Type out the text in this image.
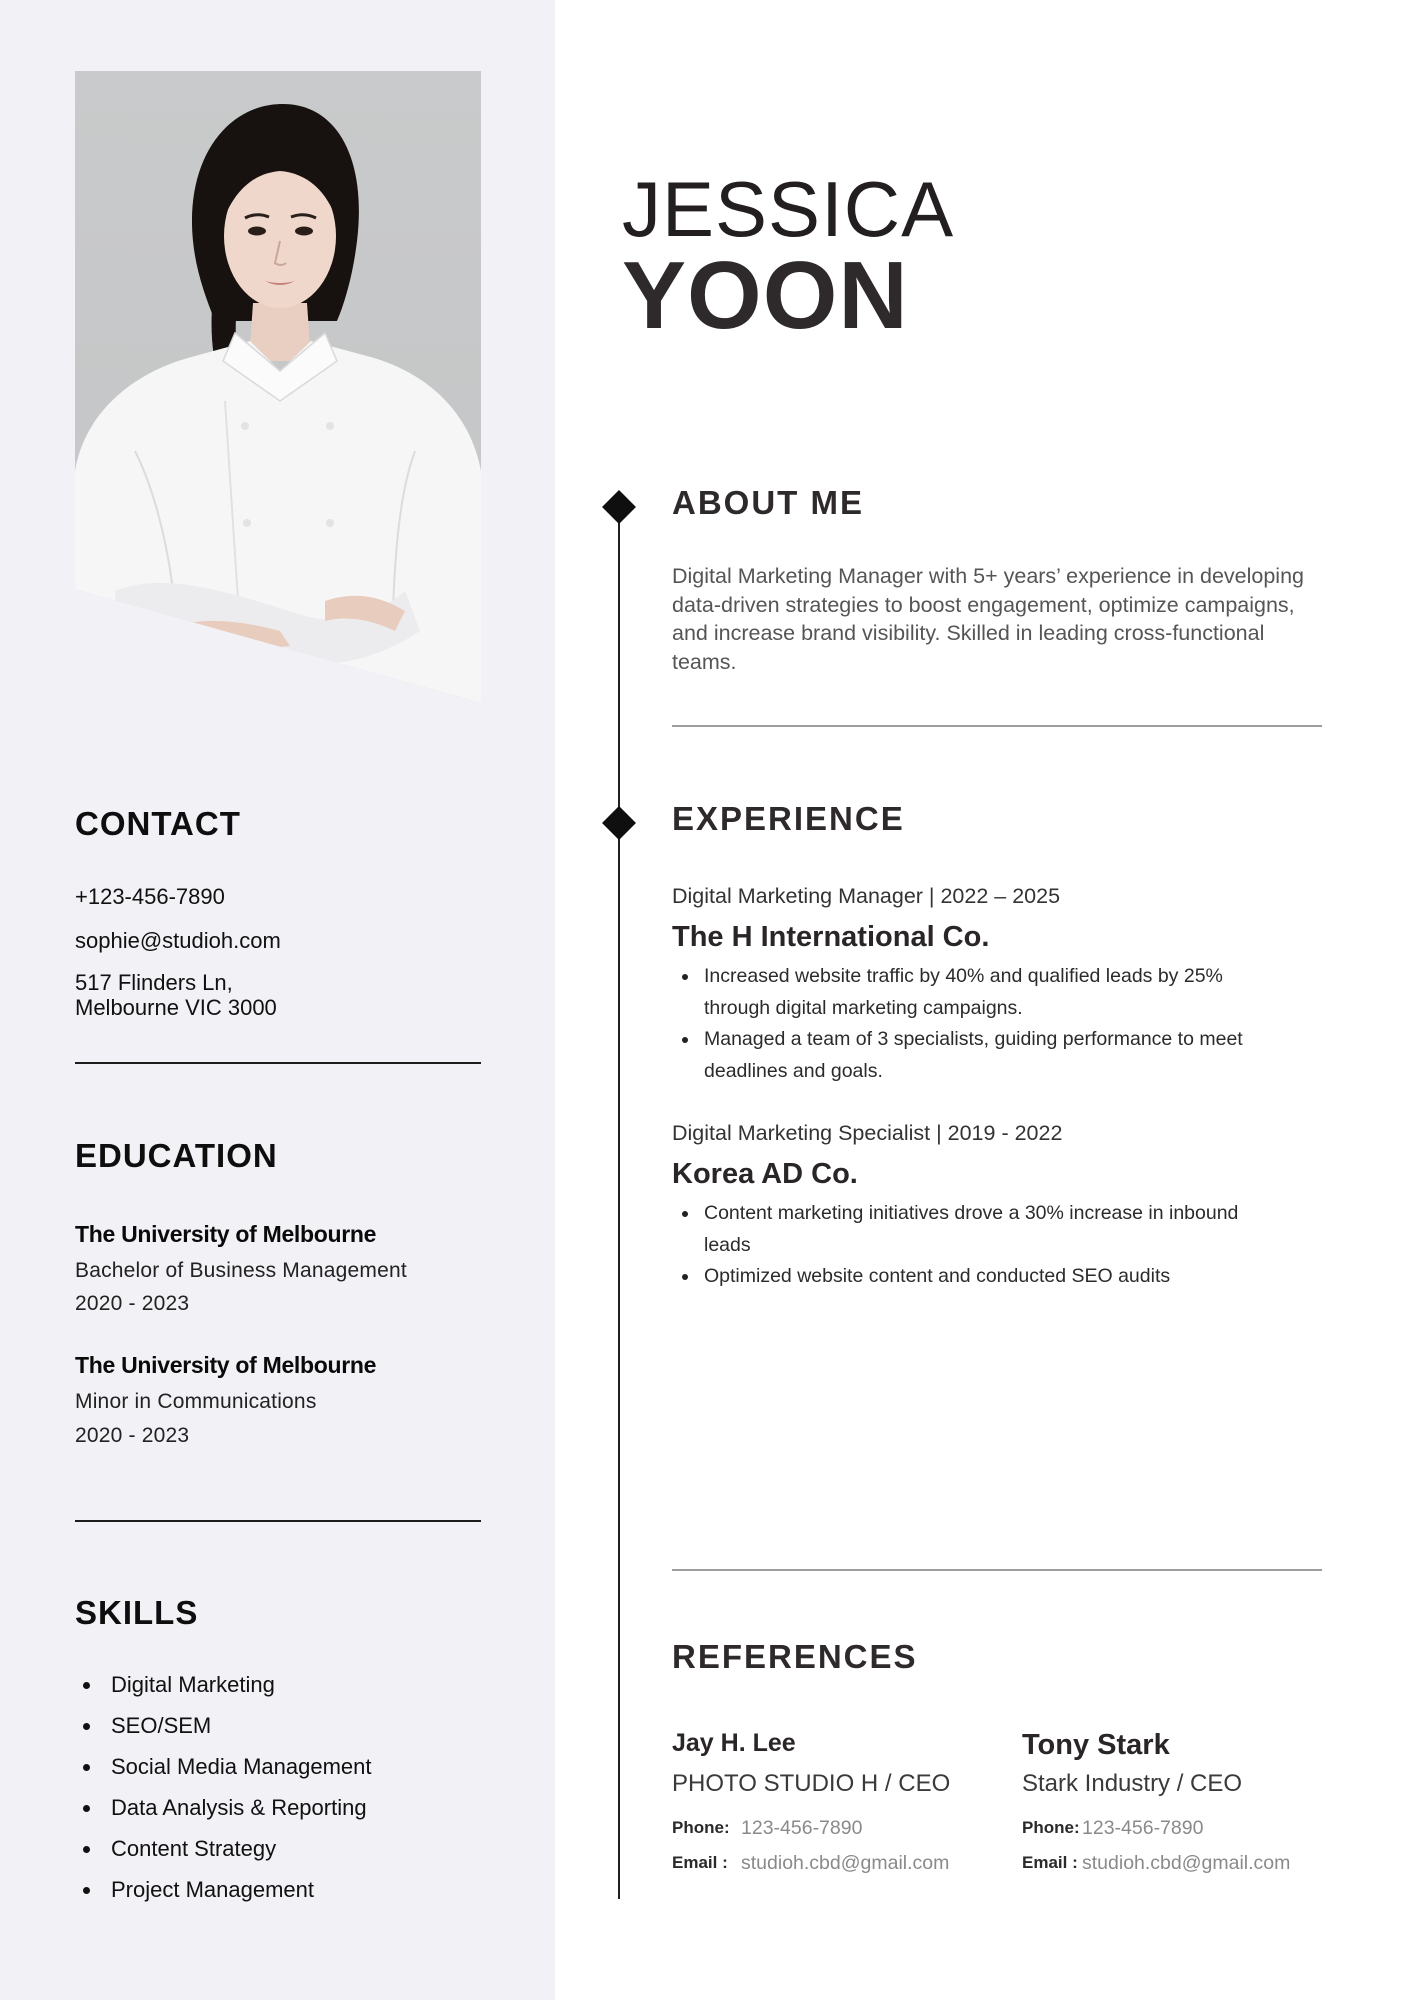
CONTACT
+123-456-7890
sophie@studioh.com
517 Flinders Ln,
Melbourne VIC 3000
EDUCATION
The University of Melbourne
Bachelor of Business Management
2020 - 2023
The University of Melbourne
Minor in Communications
2020 - 2023
SKILLS
Digital Marketing
SEO/SEM
Social Media Management
Data Analysis & Reporting
Content Strategy
Project Management
JESSICA
YOON
ABOUT ME

Digital Marketing Manager with 5+ years’ experience in developing data-driven strategies to boost engagement, optimize campaigns, and increase brand visibility. Skilled in leading cross-functional teams.

EXPERIENCE
Digital Marketing Manager | 2022 – 2025
The H International Co.
Increased website traffic by 40% and qualified leads by 25% through digital marketing campaigns.
Managed a team of 3 specialists, guiding performance to meet deadlines and goals.
Digital Marketing Specialist | 2019 - 2022
Korea AD Co.
Content marketing initiatives drove a 30% increase in inbound leads
Optimized website content and conducted SEO audits
REFERENCES
Jay H. Lee
PHOTO STUDIO H / CEO
Phone: 123-456-7890
Email : studioh.cbd@gmail.com
Tony Stark
Stark Industry / CEO
Phone: 123-456-7890
Email : studioh.cbd@gmail.com
